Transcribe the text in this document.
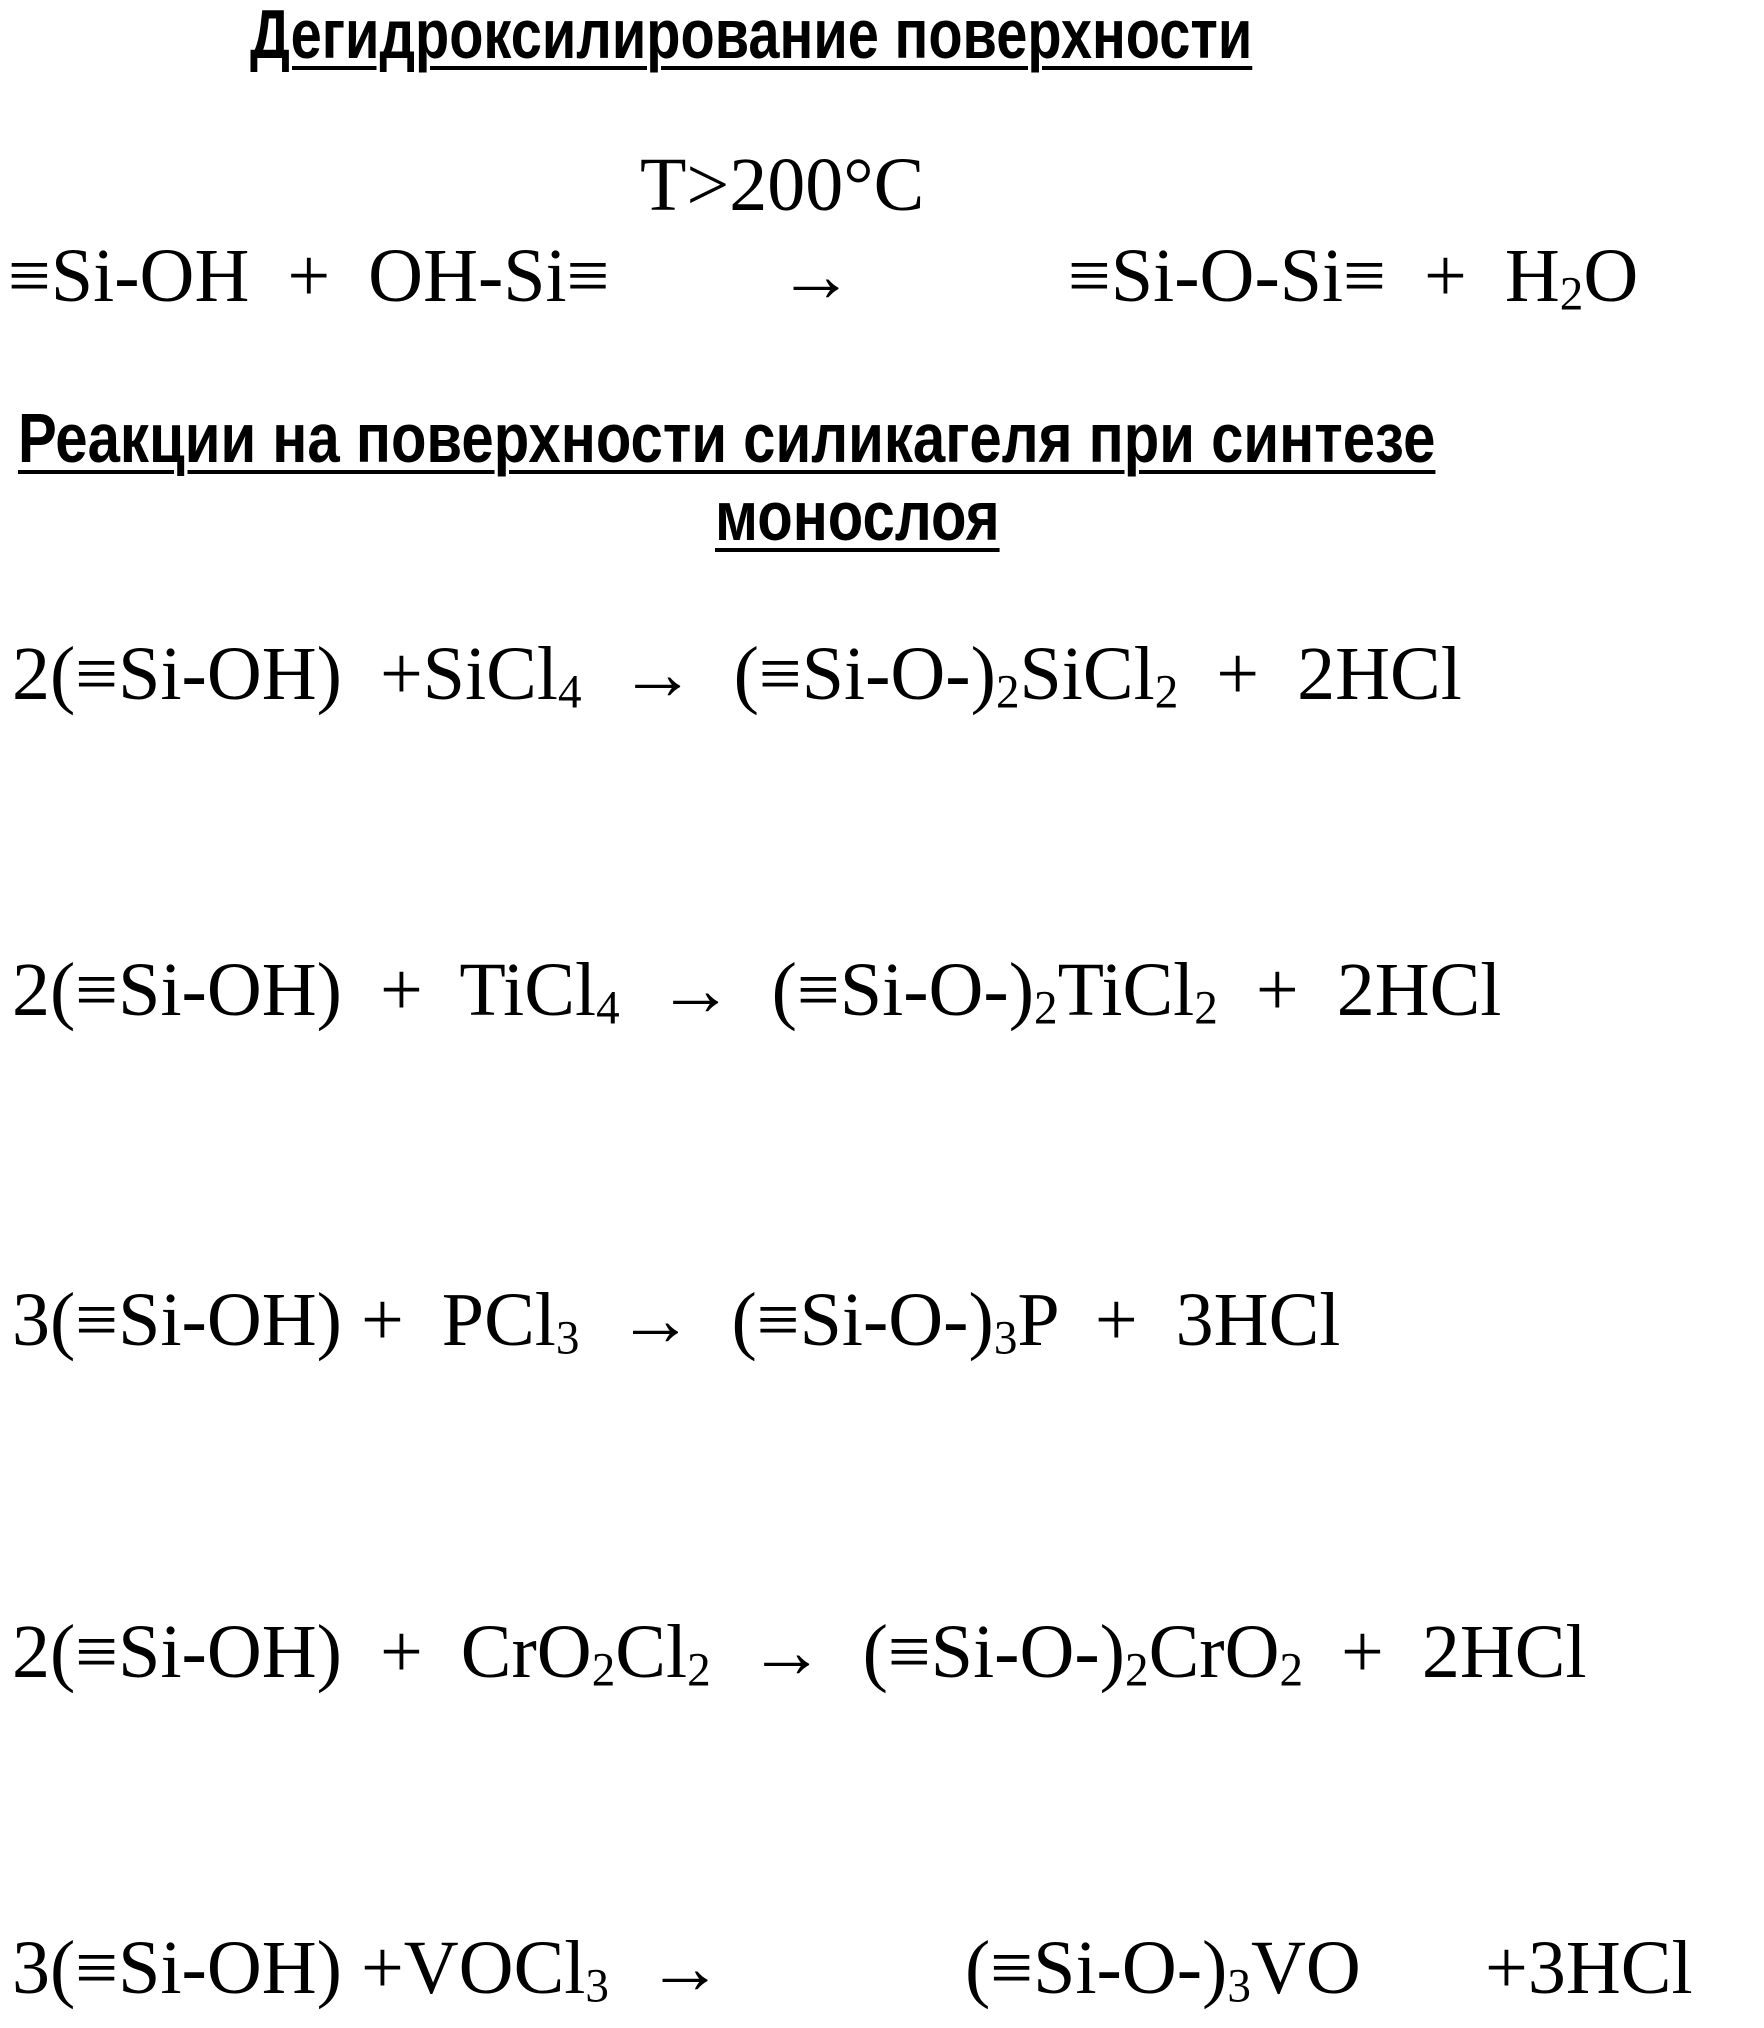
Дегидроксилирование поверхности
T>200°C
≡Si-OH  +  OH-Si≡ →	$\equiv Si-O-Si\equiv + H_2O$
Реакции на поверхности силикагеля при синтезе
монослоя
2(≡Si-OH)  +SiCl$_4$  →  $(\equiv Si-O-)_2SiCl_2 + 2HCl$
2(≡Si-OH)  +  TiCl$_4$  →  $(\equiv Si-O-)_2TiCl_2 + 2HCl$
$3(\equiv Si-OH) + PCl_3 \to (\equiv Si-O-)_3P + 3HCl$
$2(\equiv Si-OH) + CrO_2Cl_2 \to (\equiv Si-O-)_2CrO_2 + 2HCl$
3(≡Si-OH) +VOCl$_3$  →	$(\equiv Si-O-)_3VO +3HCl$
